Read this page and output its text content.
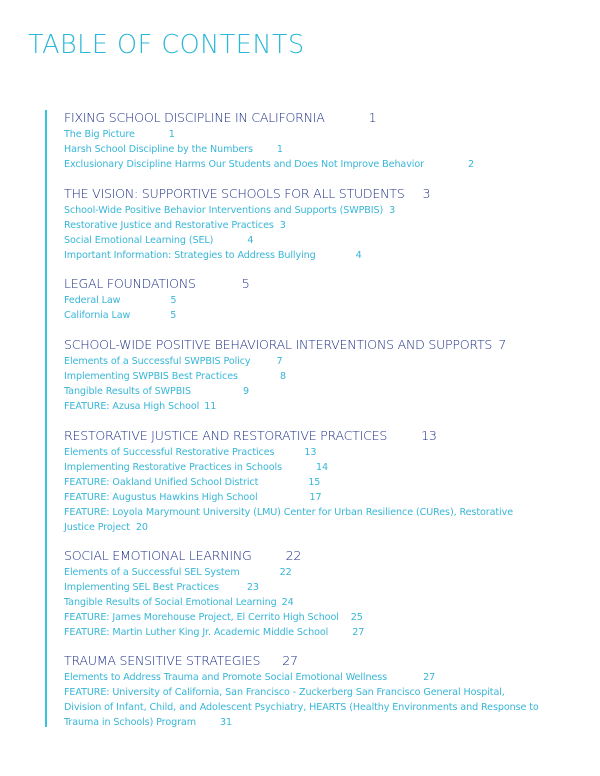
TABLE OF CONTENTS
FIXING SCHOOL DISCIPLINE IN CALIFORNIA	1
The Big Picture	1
Harsh School Discipline by the Numbers	1
Exclusionary Discipline Harms Our Students and Does Not Improve Behavior	2
THE VISION: SUPPORTIVE SCHOOLS FOR ALL STUDENTS 3
School-Wide Positive Behavior Interventions and Supports (SWPBIS) 3
Restorative Justice and Restorative Practices 3
Social Emotional Learning (SEL)	4
Important Information: Strategies to Address Bullying	4
LEGAL FOUNDATIONS	5
Federal Law	5
California Law	5
SCHOOL-WIDE POSITIVE BEHAVIORAL INTERVENTIONS AND SUPPORTS 7
Elements of a Successful SWPBIS Policy	7
Implementing SWPBIS Best Practices	8
Tangible Results of SWPBIS	9
FEATURE: Azusa High School 11
RESTORATIVE JUSTICE AND RESTORATIVE PRACTICES	13
Elements of Successful Restorative Practices	13
Implementing Restorative Practices in Schools	14
FEATURE: Oakland Unified School District	15
FEATURE: Augustus Hawkins High School	17
FEATURE: Loyola Marymount University (LMU) Center for Urban Resilience (CURes), Restorative Justice Project 20
SOCIAL EMOTIONAL LEARNING	22
Elements of a Successful SEL System	22
Implementing SEL Best Practices	23
Tangible Results of Social Emotional Learning 24
FEATURE: James Morehouse Project, El Cerrito High School 25
FEATURE: Martin Luther King Jr. Academic Middle School	27
TRAUMA SENSITIVE STRATEGIES 27
Elements to Address Trauma and Promote Social Emotional Wellness	27
FEATURE: University of California, San Francisco - Zuckerberg San Francisco General Hospital, Division of Infant, Child, and Adolescent Psychiatry, HEARTS (Healthy Environments and Response to Trauma in Schools) Program	31
